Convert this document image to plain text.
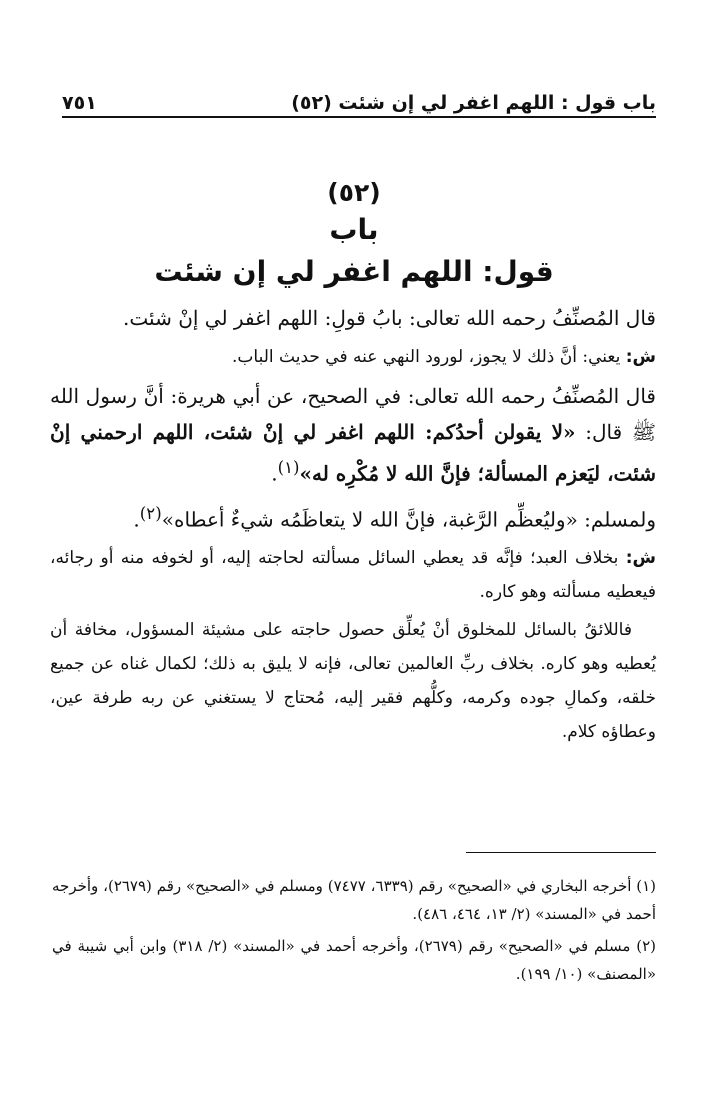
باب قول : اللهم اغفر لي إن شئت (٥٢)
٧٥١
(٥٢)
باب
قول: اللهم اغفر لي إن شئت

قال المُصنِّفُ رحمه الله تعالى: بابُ قولِ: اللهم اغفر لي إنْ شئت.

ش: يعني: أنَّ ذلك لا يجوز، لورود النهي عنه في حديث الباب.

قال المُصنِّفُ رحمه الله تعالى: في الصحيح، عن أبي هريرة: أنَّ رسول الله ﷺ قال: «لا يقولن أحدُكم: اللهم اغفر لي إنْ شئت، اللهم ارحمني إنْ شئت، ليَعزم المسألة؛ فإنَّ الله لا مُكْرِه له»$^{(١)}$.

ولمسلم: «وليُعظِّم الرَّغبة، فإنَّ الله لا يتعاظَمُه شيءٌ أعطاه»$^{(٢)}$.

ش: بخلاف العبد؛ فإنَّه قد يعطي السائل مسألته لحاجته إليه، أو لخوفه منه أو رجائه، فيعطيه مسألته وهو كاره.

فاللائقُ بالسائل للمخلوق أنْ يُعلِّق حصول حاجته على مشيئة المسؤول، مخافة أن يُعطيه وهو كاره. بخلاف ربِّ العالمين تعالى، فإنه لا يليق به ذلك؛ لكمال غناه عن جميع خلقه، وكمالِ جوده وكرمه، وكلُّهم فقير إليه، مُحتاج لا يستغني عن ربه طرفة عين، وعطاؤه كلام.

(١) أخرجه البخاري في «الصحيح» رقم (٦٣٣٩، ٧٤٧٧) ومسلم في «الصحيح» رقم (٢٦٧٩)، وأخرجه أحمد في «المسند» (٢/ ١٣، ٤٦٤، ٤٨٦).

(٢) مسلم في «الصحيح» رقم (٢٦٧٩)، وأخرجه أحمد في «المسند» (٢/ ٣١٨) وابن أبي شيبة في «المصنف» (١٠/ ١٩٩).
